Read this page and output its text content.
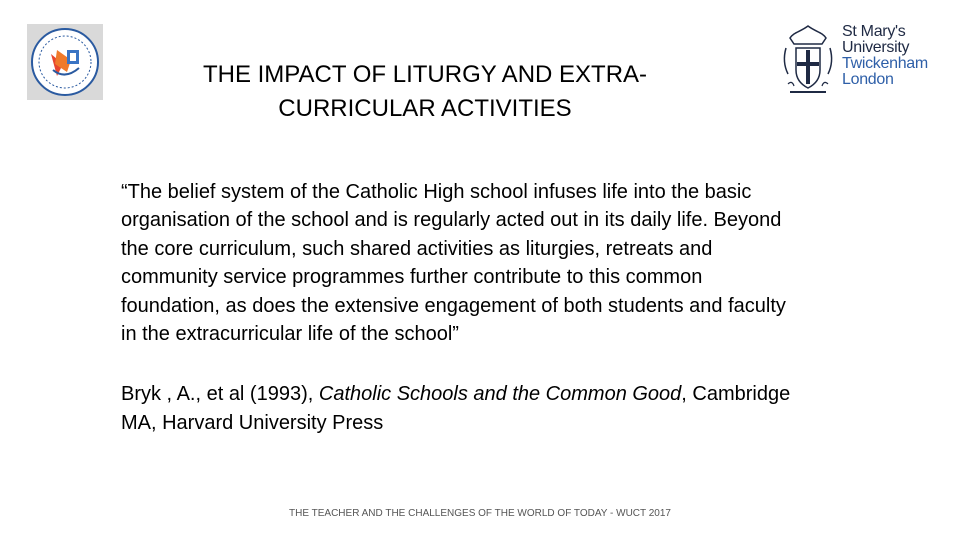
THE IMPACT OF LITURGY AND EXTRA-CURRICULAR ACTIVITIES
St Mary's
University
Twickenham
London

“The belief system of the Catholic High school infuses life into the basic organisation of the school and is regularly acted out in its daily life. Beyond the core curriculum, such shared activities as liturgies, retreats and community service programmes further contribute to this common foundation, as does the extensive engagement of both students and faculty in the extracurricular life of the school”

Bryk , A., et al (1993), Catholic Schools and the Common Good, Cambridge MA, Harvard University Press

THE TEACHER AND THE CHALLENGES OF THE WORLD OF TODAY - WUCT 2017
